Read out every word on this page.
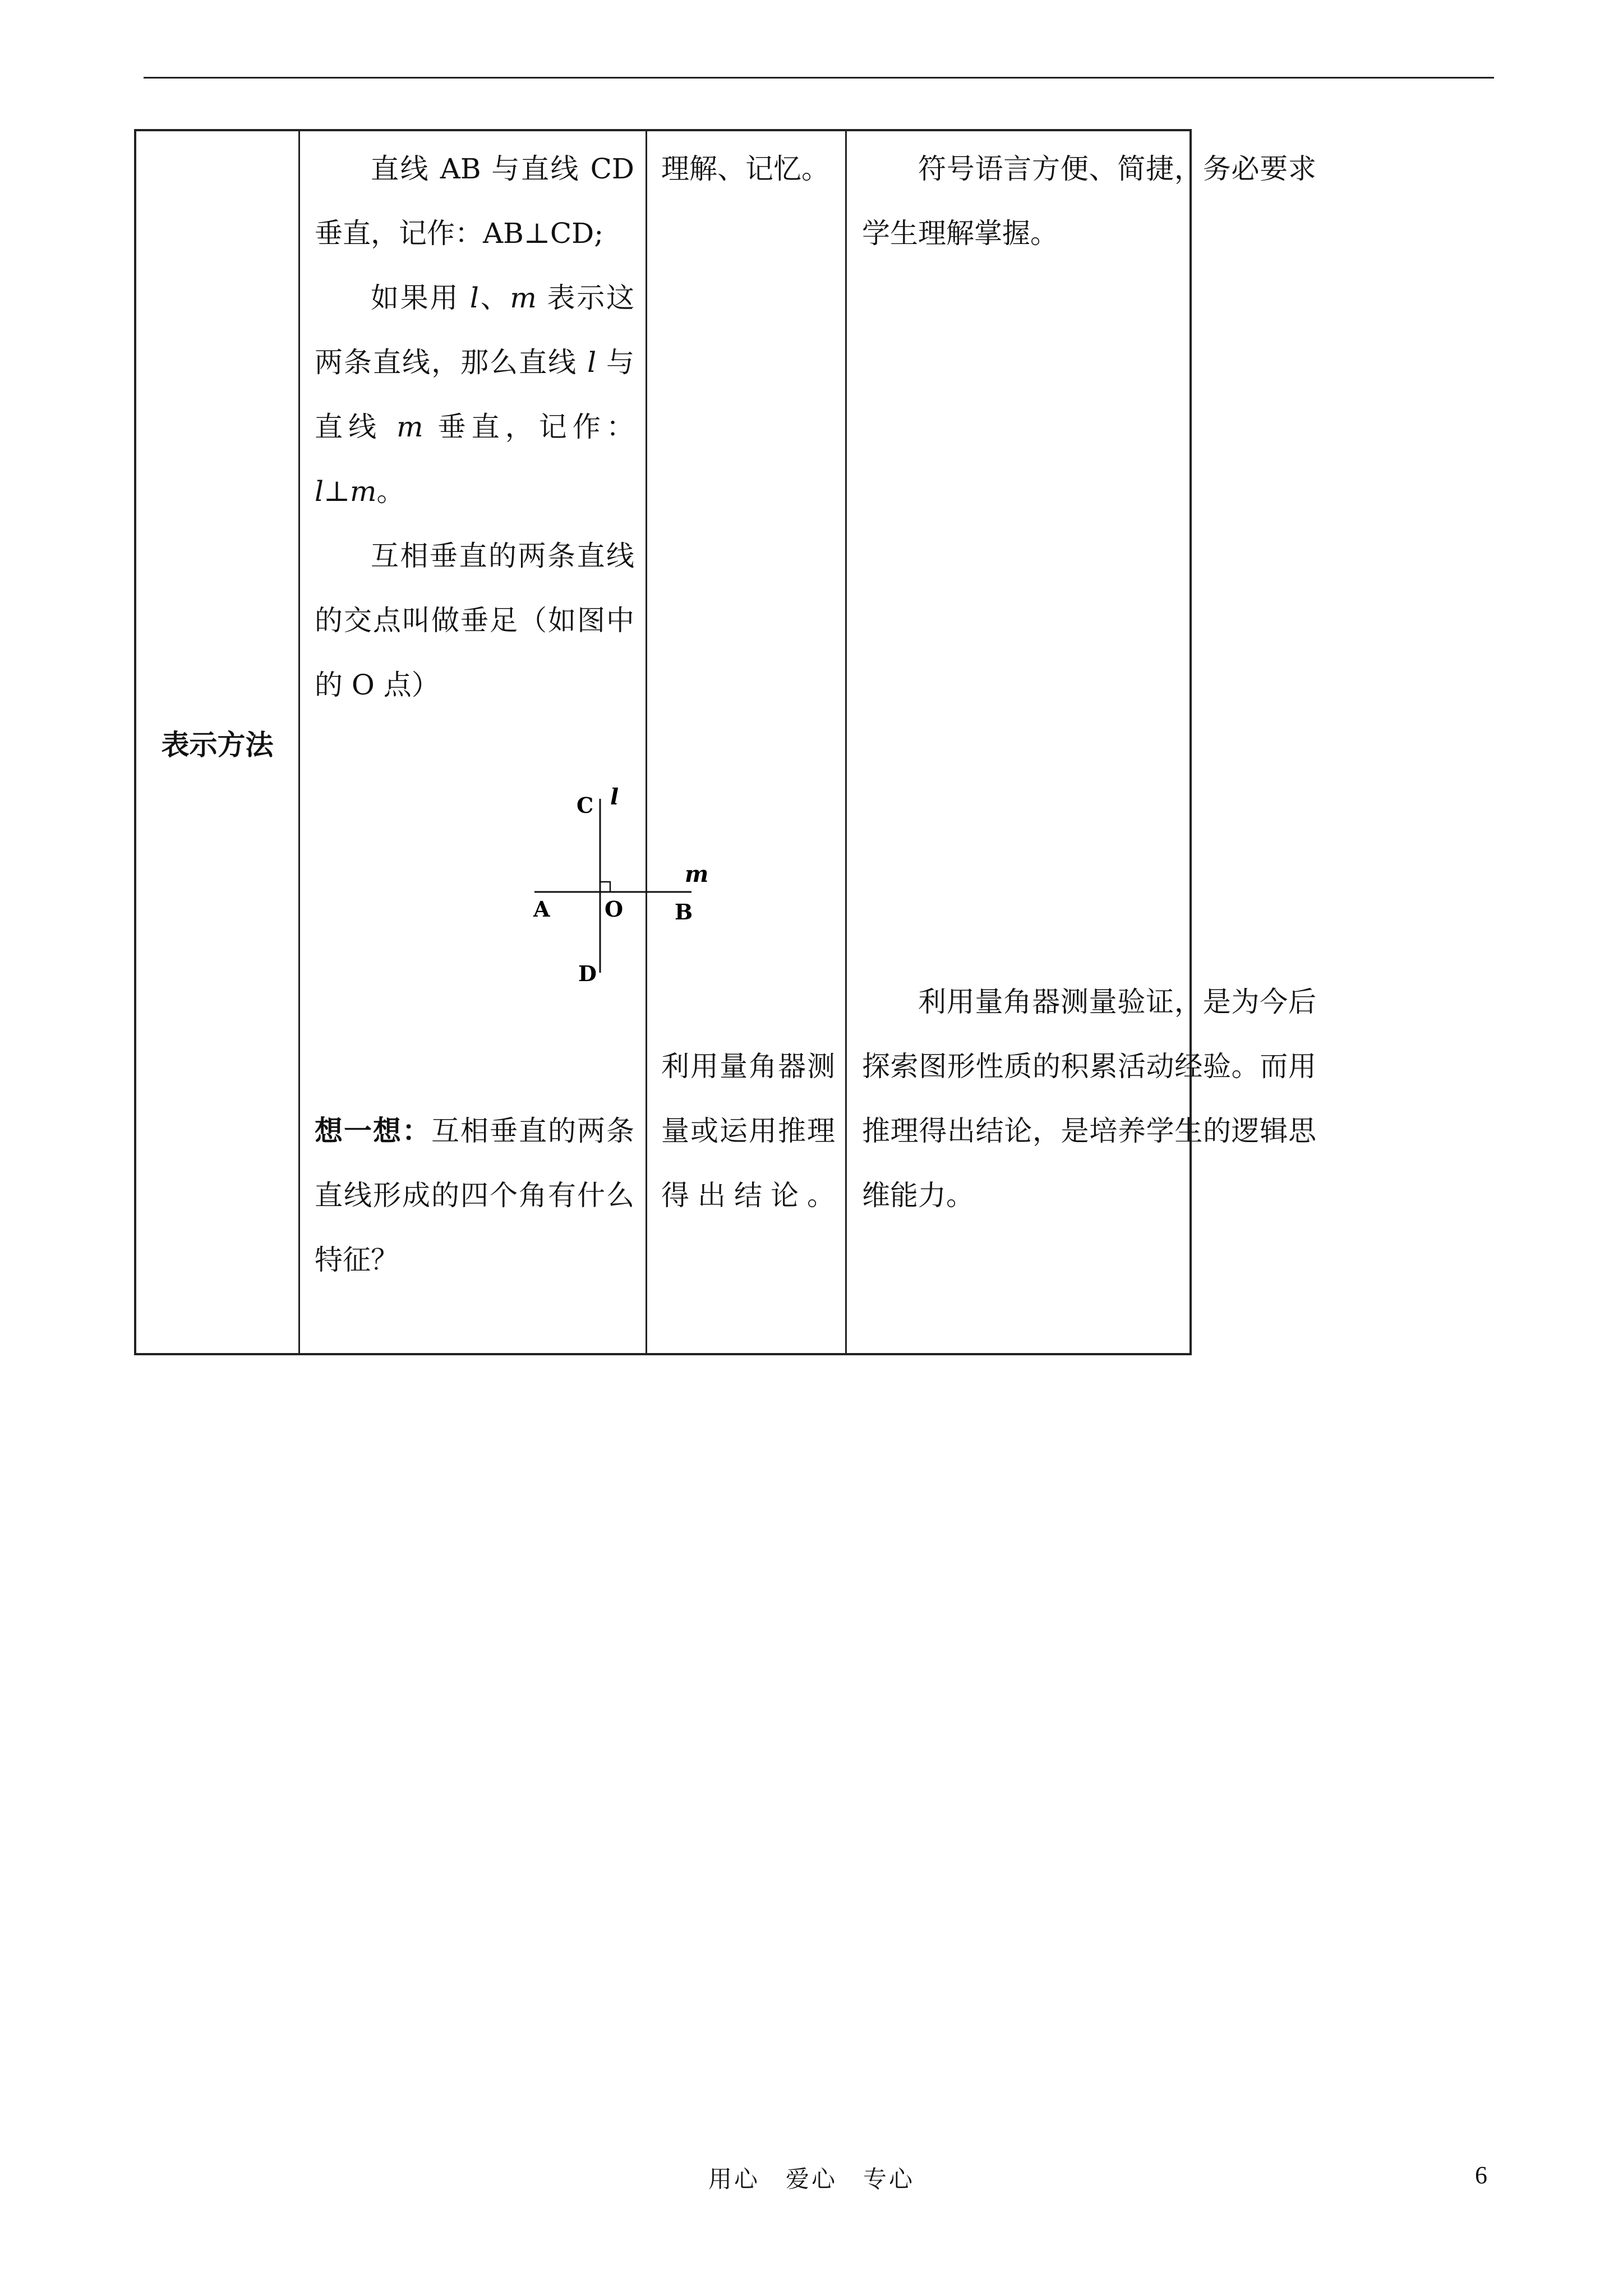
表示方法

直线 AB 与直线 CD 垂直，记作：AB⊥CD;

如果用 l、m 表示这两条直线，那么直线 l 与直线 m 垂直，记作：l⊥m。

互相垂直的两条直线的交点叫做垂足（如图中的 O 点）

想一想：互相垂直的两条直线形成的四个角有什么特征？

理解、记忆。

利用量角器测量或运用推理得出结论。

符号语言方便、简捷，务必要求学生理解掌握。

利用量角器测量验证，是为今后探索图形性质的积累活动经验。而用推理得出结论，是培养学生的逻辑思维能力。

C l
m
A	O B
D
用心　爱心　专心	6
